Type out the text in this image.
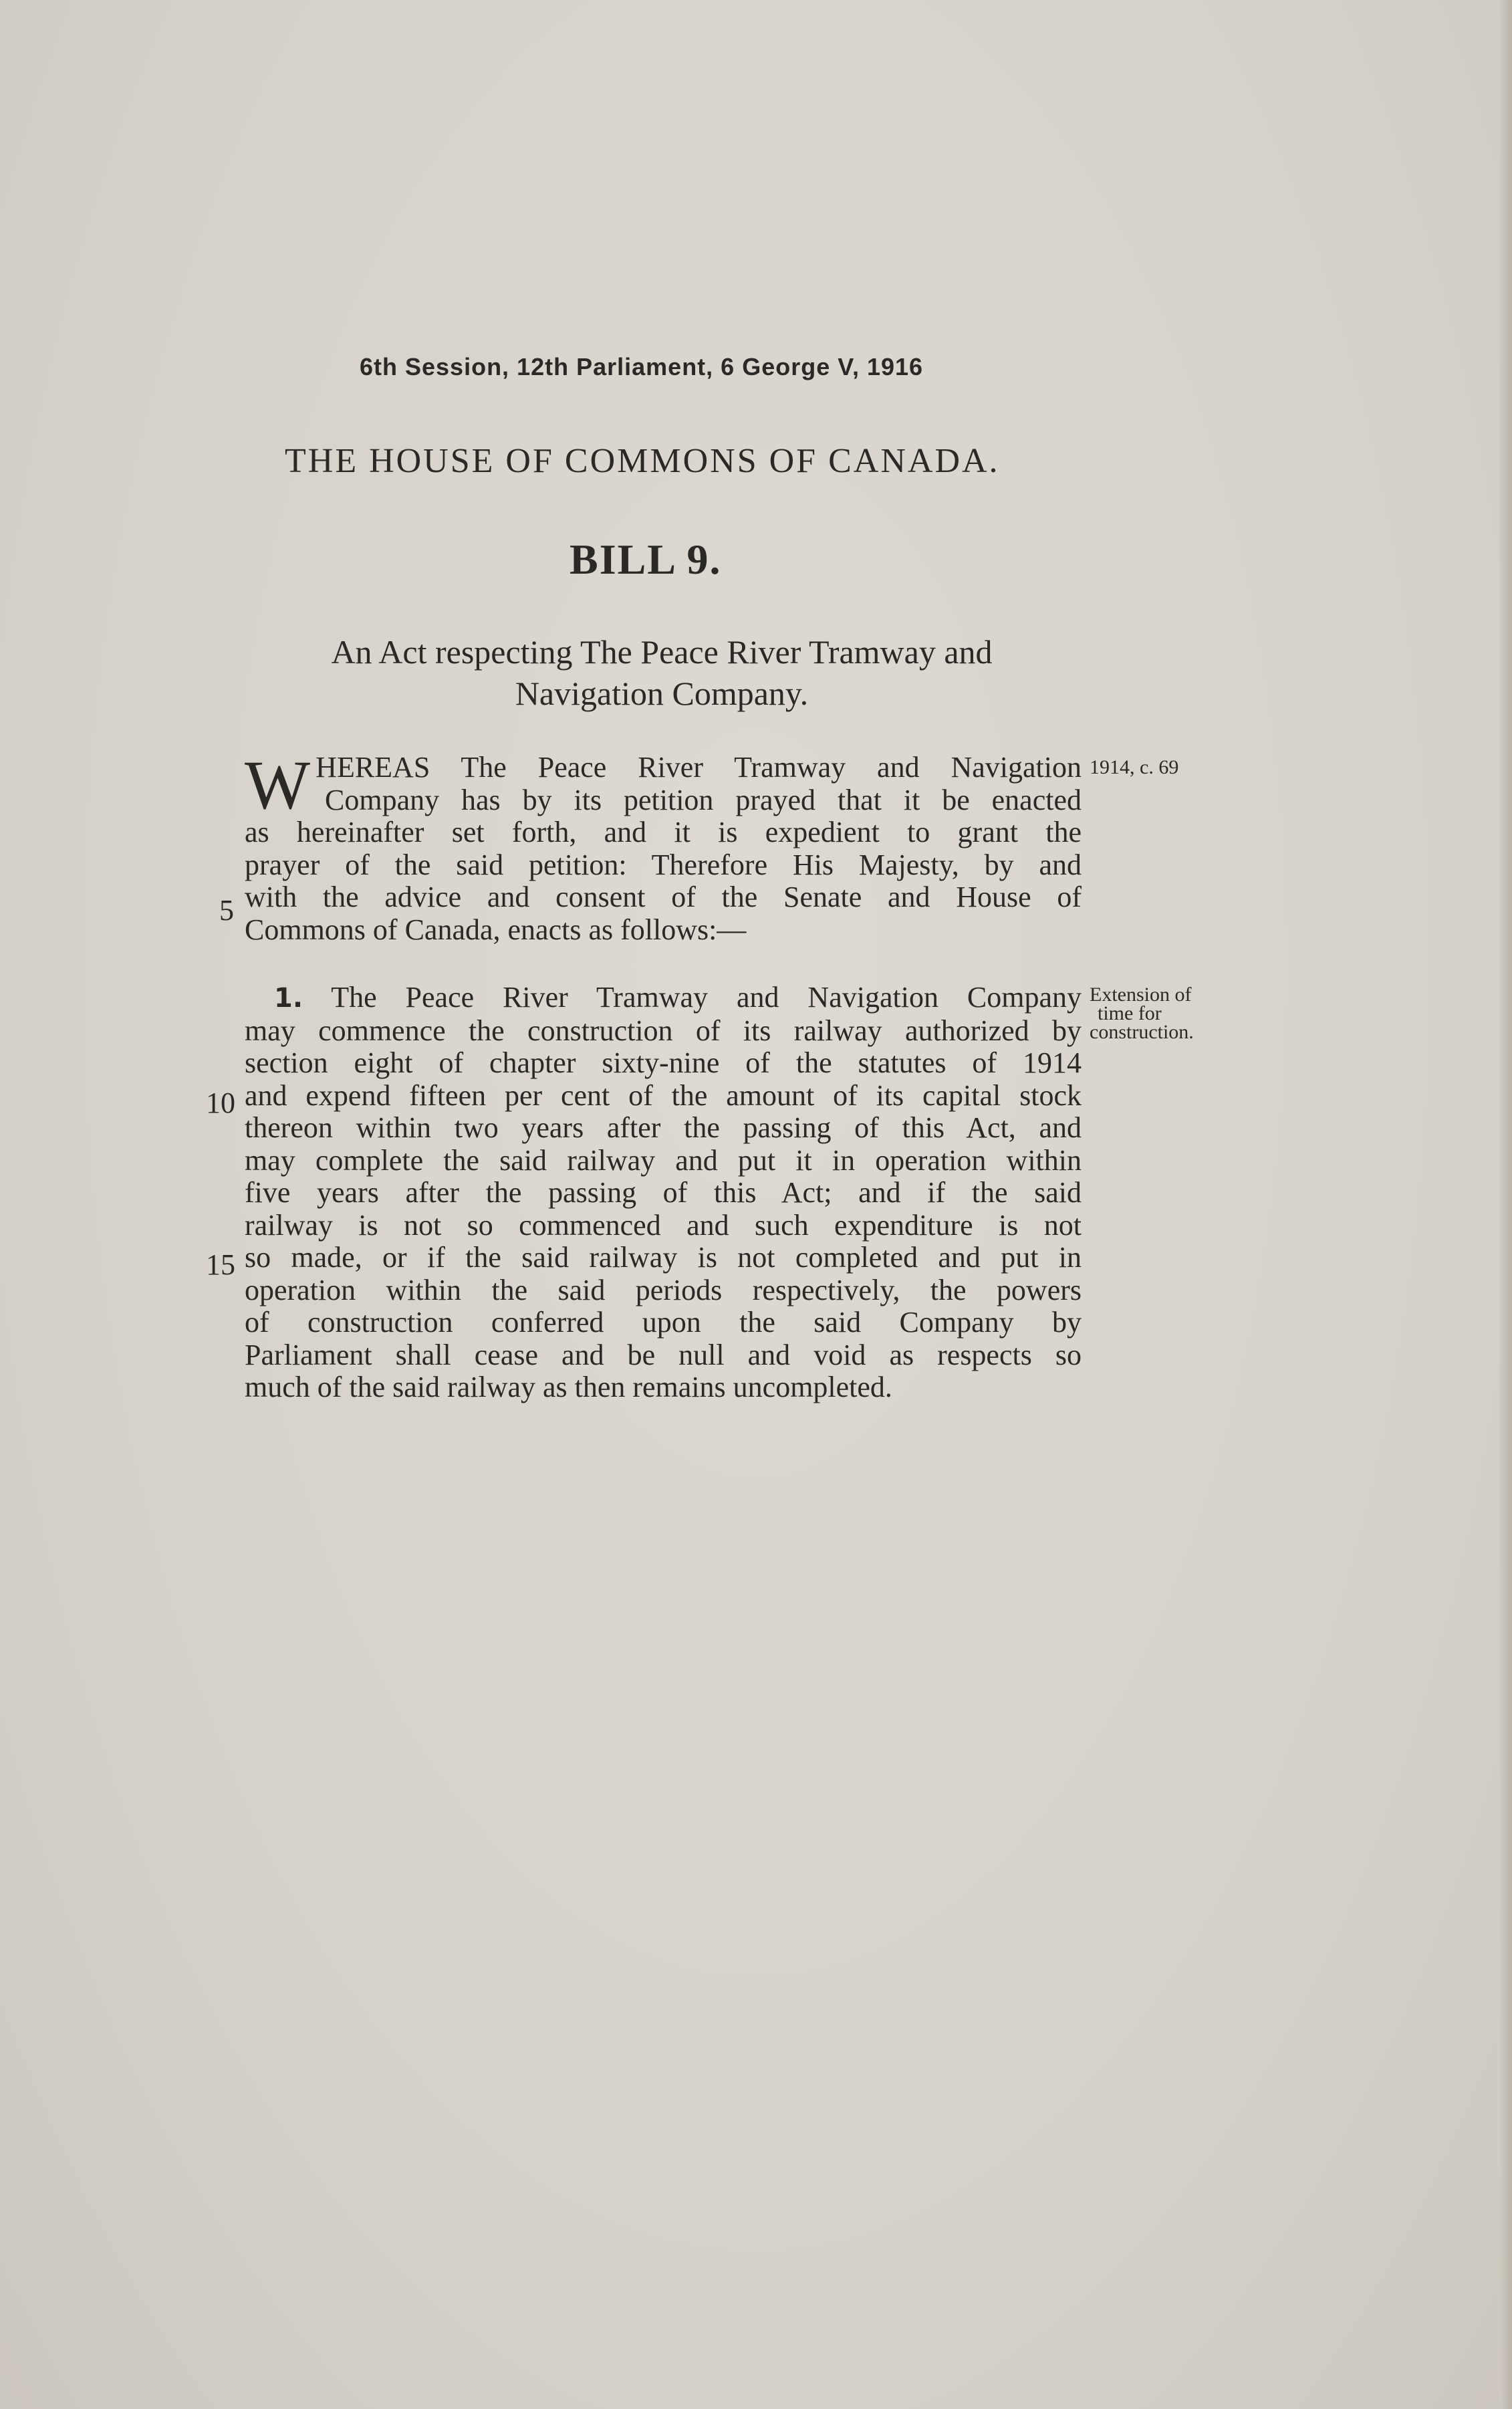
6th Session, 12th Parliament, 6 George V, 1916
THE HOUSE OF COMMONS OF CANADA.
BILL 9.
An Act respecting The Peace River Tramway and
Navigation Company.
WHEREAS The Peace River Tramway and Navigation
Company has by its petition prayed that it be enacted
as hereinafter set forth, and it is expedient to grant the
prayer of the said petition: Therefore His Majesty, by and
with the advice and consent of the Senate and House of
Commons of Canada, enacts as follows:—
1914, c. 69
5
1. The Peace River Tramway and Navigation Company
may commence the construction of its railway authorized by
section eight of chapter sixty-nine of the statutes of 1914
and expend fifteen per cent of the amount of its capital stock
thereon within two years after the passing of this Act, and
may complete the said railway and put it in operation within
five years after the passing of this Act; and if the said
railway is not so commenced and such expenditure is not
so made, or if the said railway is not completed and put in
operation within the said periods respectively, the powers
of construction conferred upon the said Company by
Parliament shall cease and be null and void as respects so
much of the said railway as then remains uncompleted.
Extension of
time for
construction.
10
15
